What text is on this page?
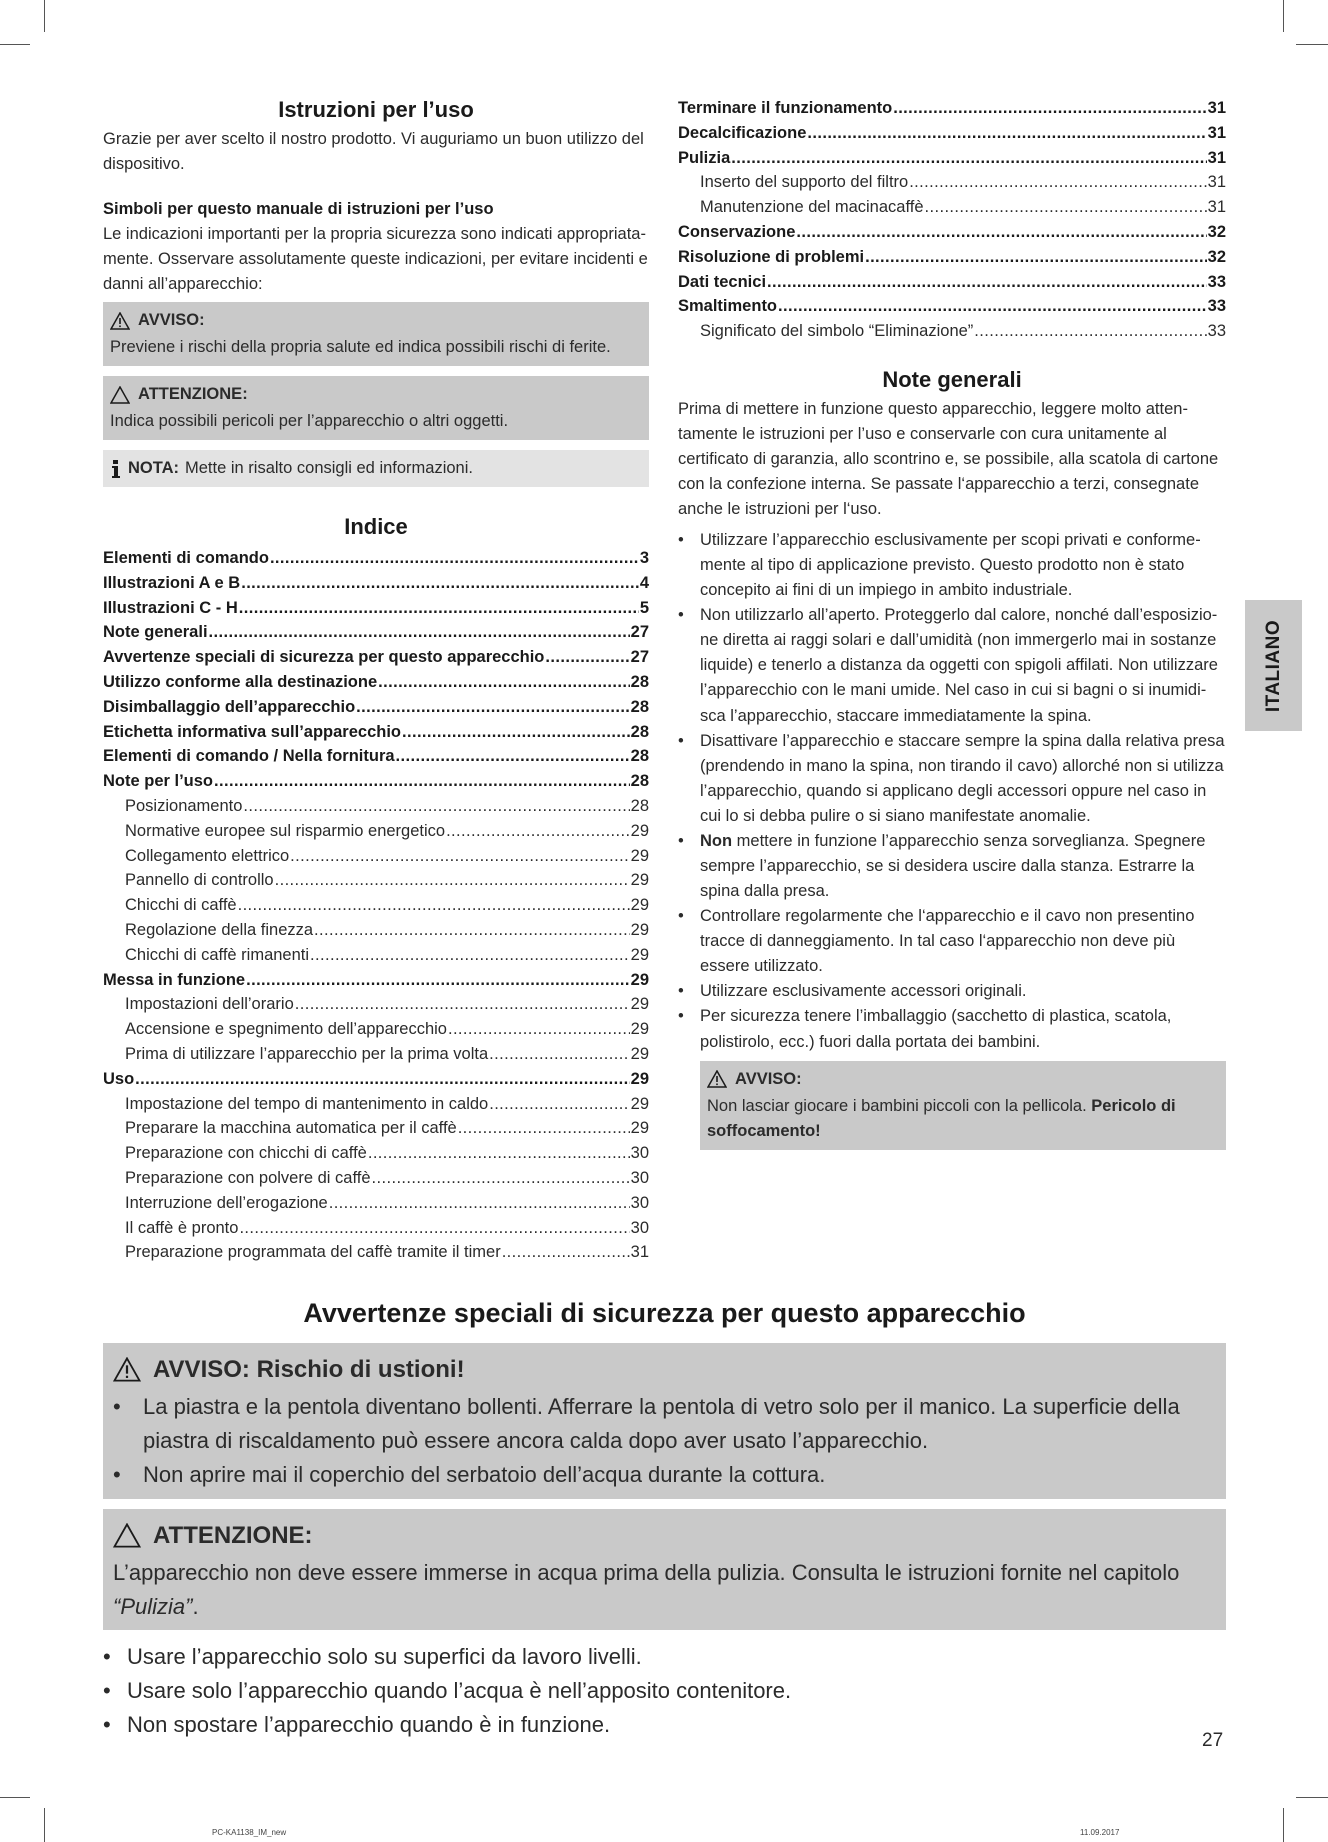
Istruzioni per l’uso

Grazie per aver scelto il nostro prodotto. Vi auguriamo un buon utilizzo del dispositivo.

Simboli per questo manuale di istruzioni per l’uso

Le indicazioni importanti per la propria sicurezza sono indicati appropriata-mente. Osservare assolutamente queste indicazioni, per evitare incidenti e danni all’apparecchio:

AVVISO:

Previene i rischi della propria salute ed indica possibili rischi di ferite.

ATTENZIONE:

Indica possibili pericoli per l’apparecchio o altri oggetti.

NOTA: Mette in risalto consigli ed informazioni.
Indice
Elementi di comando .....	3
Illustrazioni A e B .....	4
Illustrazioni C - H .....	5
Note generali .....	27
Avvertenze speciali di sicurezza per questo apparecchio .....	27
Utilizzo conforme alla destinazione .....	28
Disimballaggio dell’apparecchio .....	28
Etichetta informativa sull’apparecchio .....	28
Elementi di comando / Nella fornitura .....	28
Note per l’uso .....	28
Posizionamento .....	28
Normative europee sul risparmio energetico .....	29
Collegamento elettrico .....	29
Pannello di controllo .....	29
Chicchi di caffè .....	29
Regolazione della finezza .....	29
Chicchi di caffè rimanenti .....	29
Messa in funzione .....	29
Impostazioni dell’orario .....	29
Accensione e spegnimento dell’apparecchio .....	29
Prima di utilizzare l’apparecchio per la prima volta .....	29
Uso .....	29
Impostazione del tempo di mantenimento in caldo .....	29
Preparare la macchina automatica per il caffè .....	29
Preparazione con chicchi di caffè .....	30
Preparazione con polvere di caffè .....	30
Interruzione dell’erogazione .....	30
Il caffè è pronto .....	30
Preparazione programmata del caffè tramite il timer .....	31
Terminare il funzionamento .....	31
Decalcificazione .....	31
Pulizia .....	31
Inserto del supporto del filtro .....	31
Manutenzione del macinacaffè .....	31
Conservazione .....	32
Risoluzione di problemi .....	32
Dati tecnici .....	33
Smaltimento .....	33
Significato del simbolo “Eliminazione” .....	33
Note generali

Prima di mettere in funzione questo apparecchio, leggere molto atten-tamente le istruzioni per l’uso e conservarle con cura unitamente al certificato di garanzia, allo scontrino e, se possibile, alla scatola di cartone con la confezione interna. Se passate l‘apparecchio a terzi, consegnate anche le istruzioni per l‘uso.

• Utilizzare l’apparecchio esclusivamente per scopi privati e conforme-mente al tipo di applicazione previsto. Questo prodotto non è stato concepito ai fini di un impiego in ambito industriale.
• Non utilizzarlo all’aperto. Proteggerlo dal calore, nonché dall’esposizio-ne diretta ai raggi solari e dall’umidità (non immergerlo mai in sostanze liquide) e tenerlo a distanza da oggetti con spigoli affilati. Non utilizzare l’apparecchio con le mani umide. Nel caso in cui si bagni o si inumidi-sca l’apparecchio, staccare immediatamente la spina.
• Disattivare l’apparecchio e staccare sempre la spina dalla relativa presa (prendendo in mano la spina, non tirando il cavo) allorché non si utilizza l’apparecchio, quando si applicano degli accessori oppure nel caso in cui lo si debba pulire o si siano manifestate anomalie.
• Non mettere in funzione l’apparecchio senza sorveglianza. Spegnere sempre l’apparecchio, se si desidera uscire dalla stanza. Estrarre la spina dalla presa.
• Controllare regolarmente che l‘apparecchio e il cavo non presentino tracce di danneggiamento. In tal caso l‘apparecchio non deve più essere utilizzato.
• Utilizzare esclusivamente accessori originali.
• Per sicurezza tenere l’imballaggio (sacchetto di plastica, scatola, polistirolo, ecc.) fuori dalla portata dei bambini.
AVVISO:

Non lasciar giocare i bambini piccoli con la pellicola. Pericolo di soffocamento!

ITALIANO
Avvertenze speciali di sicurezza per questo apparecchio
AVVISO: Rischio di ustioni!
• La piastra e la pentola diventano bollenti. Afferrare la pentola di vetro solo per il manico. La superficie della piastra di riscaldamento può essere ancora calda dopo aver usato l’apparecchio.
• Non aprire mai il coperchio del serbatoio dell’acqua durante la cottura.
ATTENZIONE:

L’apparecchio non deve essere immerse in acqua prima della pulizia. Consulta le istruzioni fornite nel capitolo “Pulizia”.

• Usare l’apparecchio solo su superfici da lavoro livelli.
• Usare solo l’apparecchio quando l’acqua è nell’apposito contenitore.
• Non spostare l’apparecchio quando è in funzione.
27
PC-KA1138_IM_new	11.09.2017
